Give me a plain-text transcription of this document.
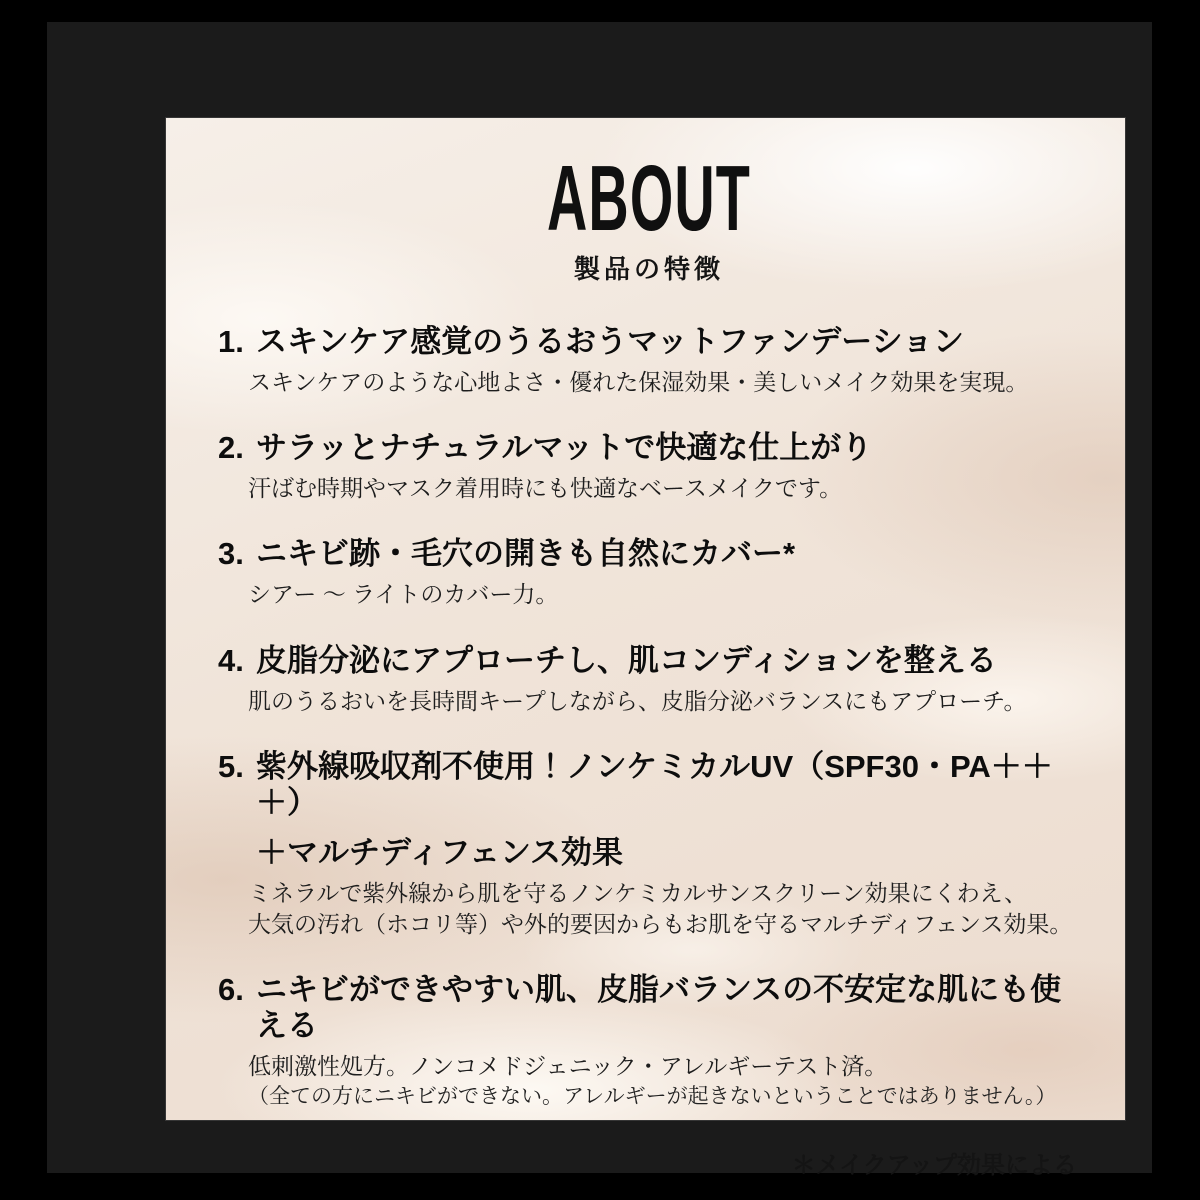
ABOUT
製品の特徴
1. スキンケア感覚のうるおうマットファンデーション
スキンケアのような心地よさ・優れた保湿効果・美しいメイク効果を実現。
2. サラッとナチュラルマットで快適な仕上がり
汗ばむ時期やマスク着用時にも快適なベースメイクです。
3. ニキビ跡・毛穴の開きも自然にカバー*
シアー ～ ライトのカバー力。
4. 皮脂分泌にアプローチし、肌コンディションを整える
肌のうるおいを長時間キープしながら、皮脂分泌バランスにもアプローチ。
5. 紫外線吸収剤不使用！ノンケミカルUV（SPF30・PA＋＋＋）
＋マルチディフェンス効果
ミネラルで紫外線から肌を守るノンケミカルサンスクリーン効果にくわえ、
大気の汚れ（ホコリ等）や外的要因からもお肌を守るマルチディフェンス効果。
6. ニキビができやすい肌、皮脂バランスの不安定な肌にも使える
低刺激性処方。ノンコメドジェニック・アレルギーテスト済。
（全ての方にニキビができない。アレルギーが起きないということではありません。）
＊メイクアップ効果による
